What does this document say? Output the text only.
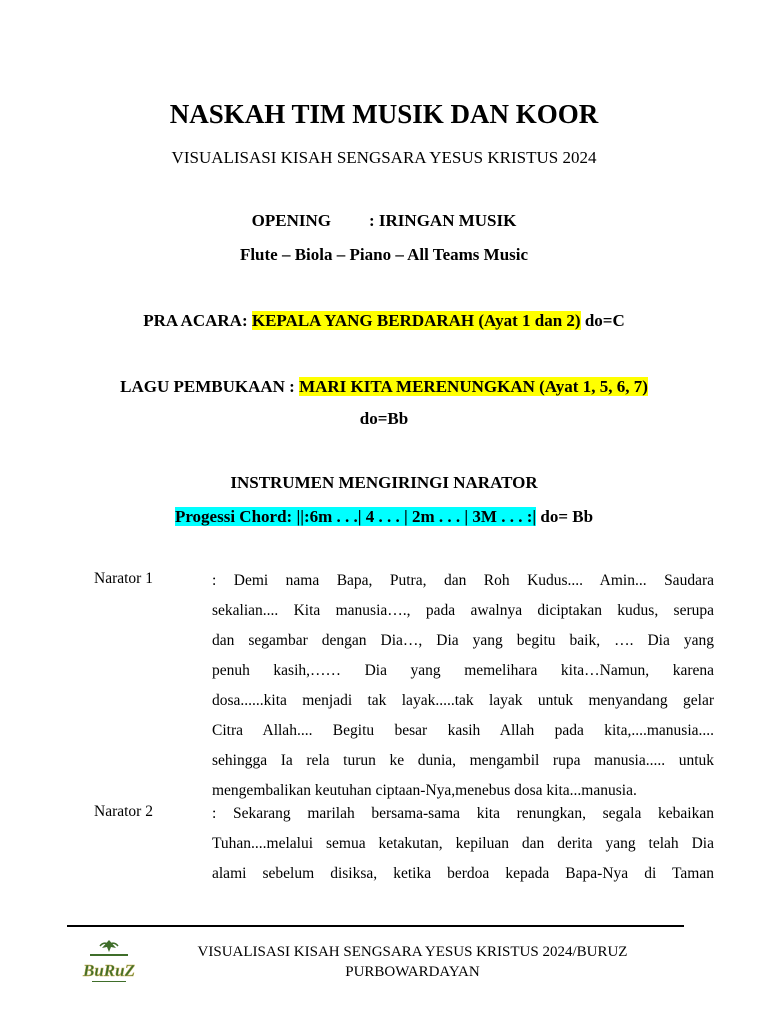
NASKAH TIM MUSIK DAN KOOR
VISUALISASI KISAH SENGSARA YESUS KRISTUS 2024
OPENING : IRINGAN MUSIK
Flute – Biola – Piano – All Teams Music
PRA ACARA: KEPALA YANG BERDARAH (Ayat 1 dan 2) do=C
LAGU PEMBUKAAN : MARI KITA MERENUNGKAN (Ayat 1, 5, 6, 7)
do=Bb
INSTRUMEN MENGIRINGI NARATOR
Progessi Chord: ||:6m . . .| 4 . . . | 2m . . . | 3M . . . :| do= Bb
Narator 1	: Demi nama Bapa, Putra, dan Roh Kudus.... Amin... Saudara
sekalian.... Kita manusia…., pada awalnya diciptakan kudus, serupa
dan segambar dengan Dia…, Dia yang begitu baik, …. Dia yang
penuh kasih,…… Dia yang memelihara kita…Namun, karena
dosa......kita menjadi tak layak.....tak layak untuk menyandang gelar
Citra Allah.... Begitu besar kasih Allah pada kita,....manusia....
sehingga Ia rela turun ke dunia, mengambil rupa manusia..... untuk
mengembalikan keutuhan ciptaan-Nya,menebus dosa kita...manusia.
Narator 2	: Sekarang marilah bersama-sama kita renungkan, segala kebaikan
Tuhan....melalui semua ketakutan, kepiluan dan derita yang telah Dia
alami sebelum disiksa, ketika berdoa kepada Bapa-Nya di Taman
BuRuZ
VISUALISASI KISAH SENGSARA YESUS KRISTUS 2024/BURUZ
PURBOWARDAYAN
